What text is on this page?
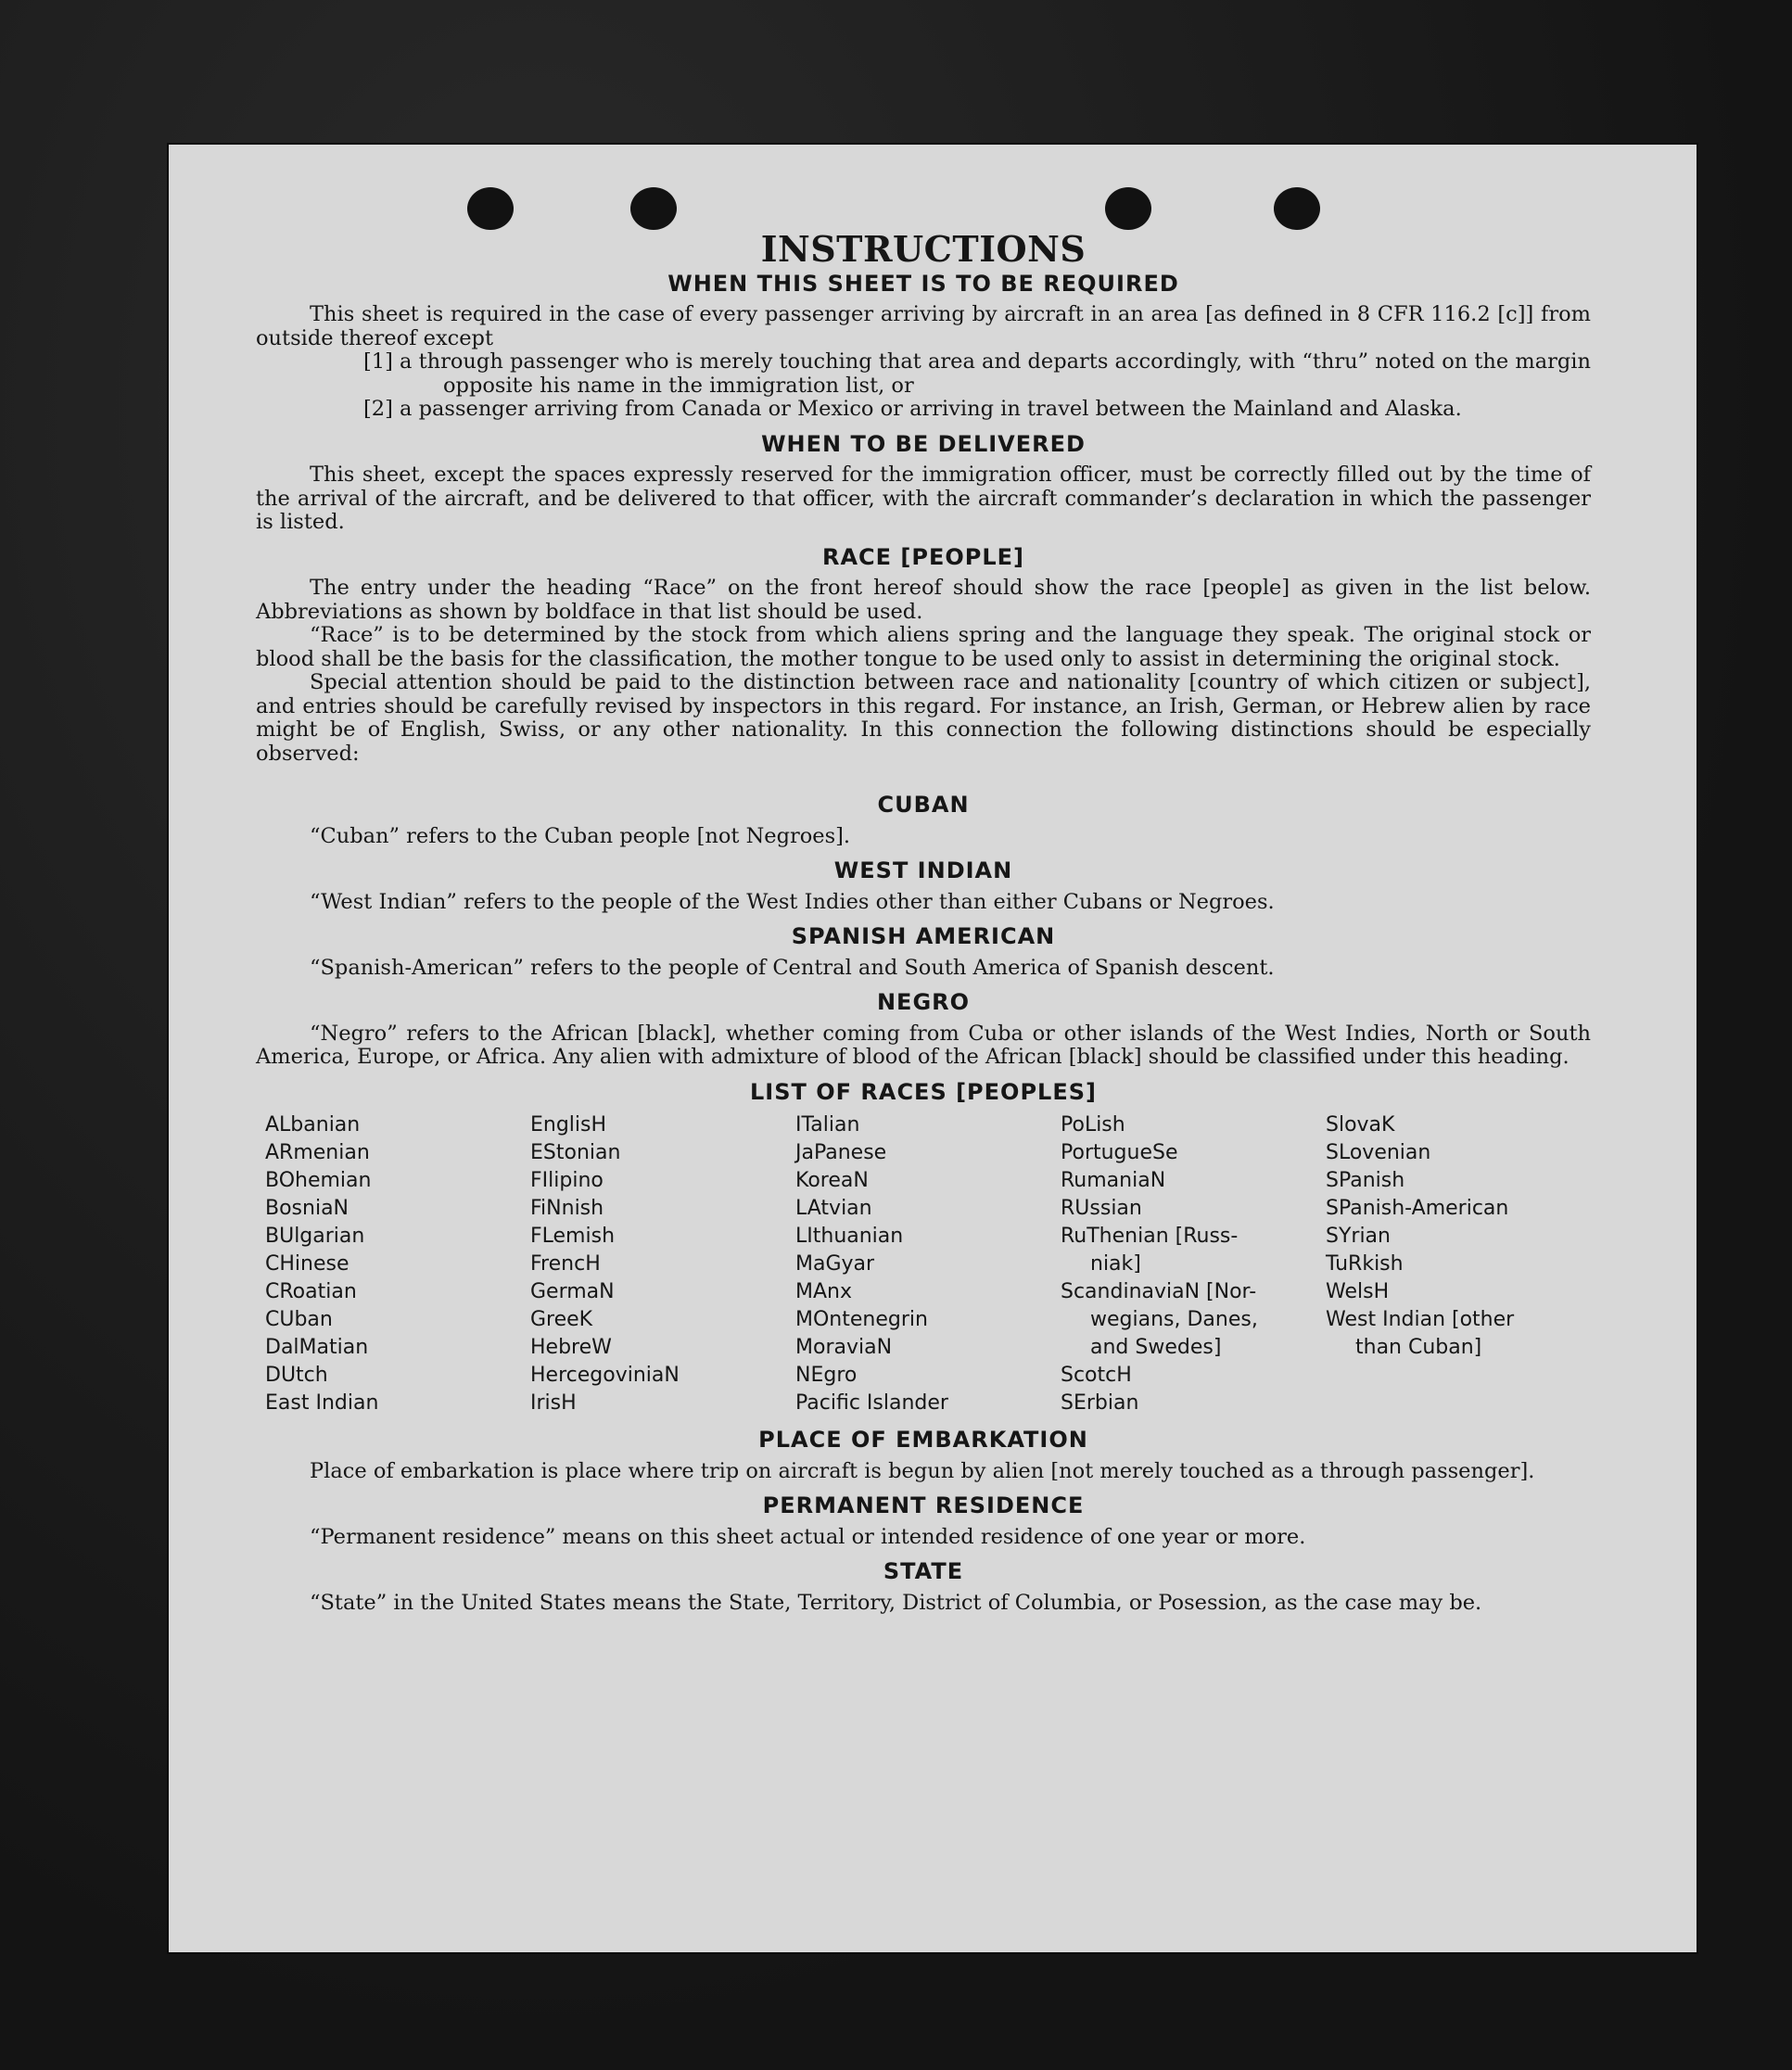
INSTRUCTIONS
WHEN THIS SHEET IS TO BE REQUIRED

This sheet is required in the case of every passenger arriving by aircraft in an area [as defined in 8 CFR 116.2 [c]] from outside thereof except

[1] a through passenger who is merely touching that area and departs accordingly, with “thru” noted on the margin opposite his name in the immigration list, or

[2] a passenger arriving from Canada or Mexico or arriving in travel between the Mainland and Alaska.

WHEN TO BE DELIVERED

This sheet, except the spaces expressly reserved for the immigration officer, must be correctly filled out by the time of the arrival of the aircraft, and be delivered to that officer, with the aircraft commander’s declaration in which the passenger is listed.

RACE [PEOPLE]

The entry under the heading “Race” on the front hereof should show the race [people] as given in the list below. Abbreviations as shown by boldface in that list should be used.

“Race” is to be determined by the stock from which aliens spring and the language they speak. The original stock or blood shall be the basis for the classification, the mother tongue to be used only to assist in determining the original stock.

Special attention should be paid to the distinction between race and nationality [country of which citizen or subject], and entries should be carefully revised by inspectors in this regard. For instance, an Irish, German, or Hebrew alien by race might be of English, Swiss, or any other nationality. In this connection the following distinctions should be especially observed:

CUBAN

“Cuban” refers to the Cuban people [not Negroes].

WEST INDIAN

“West Indian” refers to the people of the West Indies other than either Cubans or Negroes.

SPANISH AMERICAN

“Spanish-American” refers to the people of Central and South America of Spanish descent.

NEGRO

“Negro” refers to the African [black], whether coming from Cuba or other islands of the West Indies, North or South America, Europe, or Africa. Any alien with admixture of blood of the African [black] should be classified under this heading.

LIST OF RACES [PEOPLES]
ALbanian
ARmenian
BOhemian
BosniaN
BUlgarian
CHinese
CRoatian
CUban
DalMatian
DUtch
East Indian
EnglisH
EStonian
FIlipino
FiNnish
FLemish
FrencH
GermaN
GreeK
HebreW
HercegoviniaN
IrisH
ITalian
JaPanese
KoreaN
LAtvian
LIthuanian
MaGyar
MAnx
MOntenegrin
MoraviaN
NEgro
Pacific Islander
PoLish
PortugueSe
RumaniaN
RUssian
RuThenian [Russ-
niak]
ScandinaviaN [Nor-
wegians, Danes,
and Swedes]
ScotcH
SErbian
SlovaK
SLovenian
SPanish
SPanish-American
SYrian
TuRkish
WelsH
West Indian [other
than Cuban]
PLACE OF EMBARKATION

Place of embarkation is place where trip on aircraft is begun by alien [not merely touched as a through passenger].

PERMANENT RESIDENCE

“Permanent residence” means on this sheet actual or intended residence of one year or more.

STATE

“State” in the United States means the State, Territory, District of Columbia, or Posession, as the case may be.
